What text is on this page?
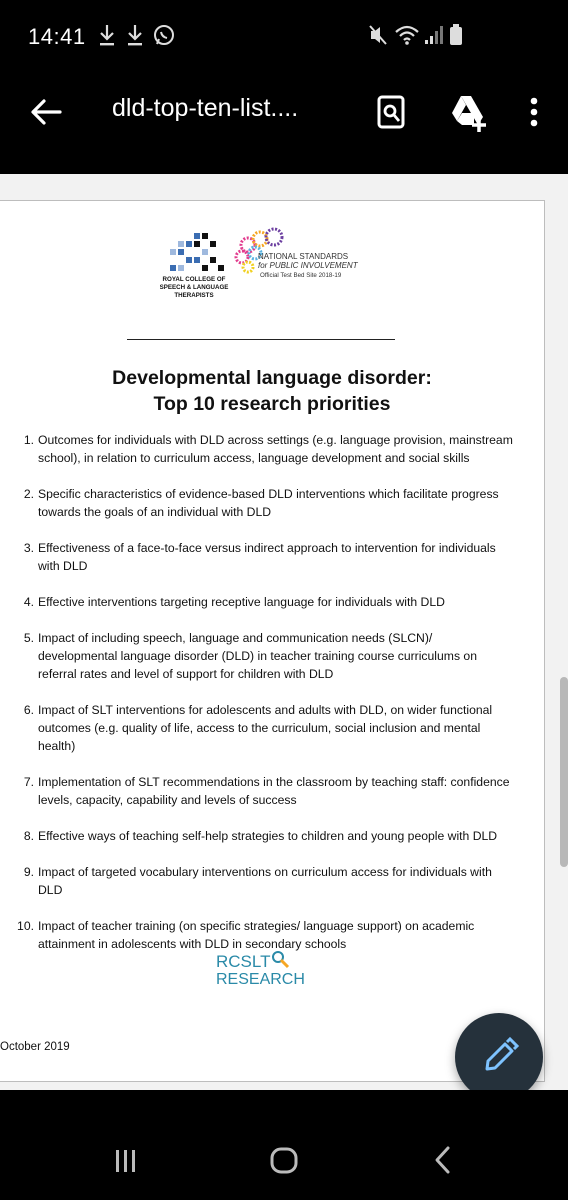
14:41
dld-top-ten-list....
ROYAL COLLEGE OF
SPEECH & LANGUAGE
THERAPISTS
NATIONAL STANDARDS
for PUBLIC INVOLVEMENT
Official Test Bed Site 2018-19
Developmental language disorder:
Top 10 research priorities
1. Outcomes for individuals with DLD across settings (e.g. language provision, mainstream school), in relation to curriculum access, language development and social skills
2. Specific characteristics of evidence-based DLD interventions which facilitate progress towards the goals of an individual with DLD
3. Effectiveness of a face-to-face versus indirect approach to intervention for individuals with DLD
4. Effective interventions targeting receptive language for individuals with DLD
5. Impact of including speech, language and communication needs (SLCN)/ developmental language disorder (DLD) in teacher training course curriculums on referral rates and level of support for children with DLD
6. Impact of SLT interventions for adolescents and adults with DLD, on wider functional outcomes (e.g. quality of life, access to the curriculum, social inclusion and mental health)
7. Implementation of SLT recommendations in the classroom by teaching staff: confidence levels, capacity, capability and levels of success
8. Effective ways of teaching self-help strategies to children and young people with DLD
9. Impact of targeted vocabulary interventions on curriculum access for individuals with DLD
10. Impact of teacher training (on specific strategies/ language support) on academic attainment in adolescents with DLD in secondary schools
RCSLT
RESEARCH
October 2019
